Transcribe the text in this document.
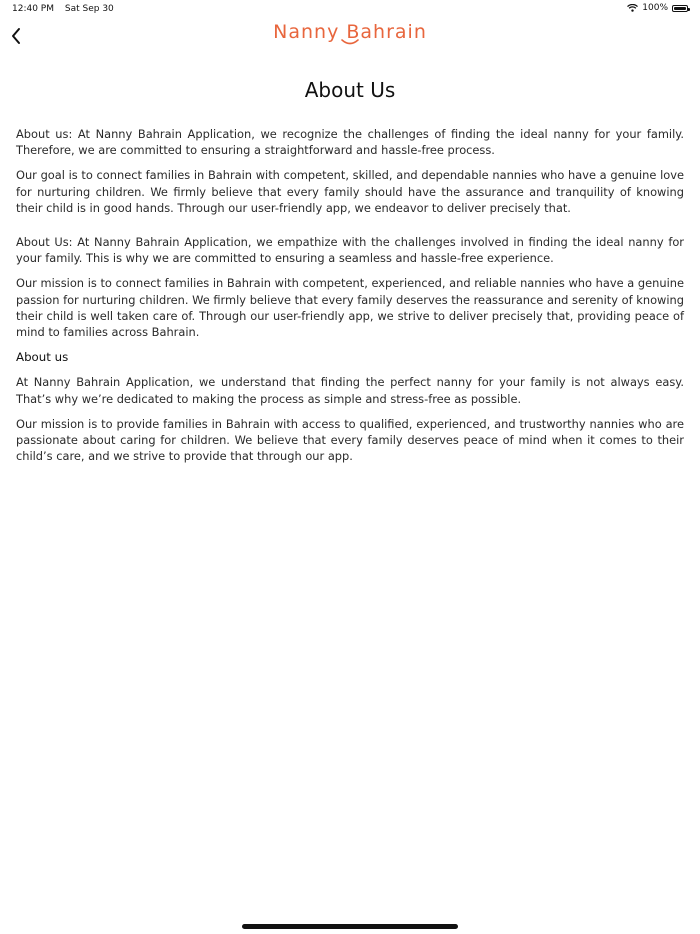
12:40 PM Sat Sep 30	100%
Nanny Bahrain
About Us

About us: At Nanny Bahrain Application, we recognize the challenges of finding the ideal nanny for your family. Therefore, we are committed to ensuring a straightforward and hassle-free process.

Our goal is to connect families in Bahrain with competent, skilled, and dependable nannies who have a genuine love for nurturing children. We firmly believe that every family should have the assurance and tranquility of knowing their child is in good hands. Through our user-friendly app, we endeavor to deliver precisely that.

About Us: At Nanny Bahrain Application, we empathize with the challenges involved in finding the ideal nanny for your family. This is why we are committed to ensuring a seamless and hassle-free experience.

Our mission is to connect families in Bahrain with competent, experienced, and reliable nannies who have a genuine passion for nurturing children. We firmly believe that every family deserves the reassurance and serenity of knowing their child is well taken care of. Through our user-friendly app, we strive to deliver precisely that, providing peace of mind to families across Bahrain.

About us

At Nanny Bahrain Application, we understand that finding the perfect nanny for your family is not always easy. That’s why we’re dedicated to making the process as simple and stress-free as possible.

Our mission is to provide families in Bahrain with access to qualified, experienced, and trustworthy nannies who are passionate about caring for children. We believe that every family deserves peace of mind when it comes to their child’s care, and we strive to provide that through our app.
